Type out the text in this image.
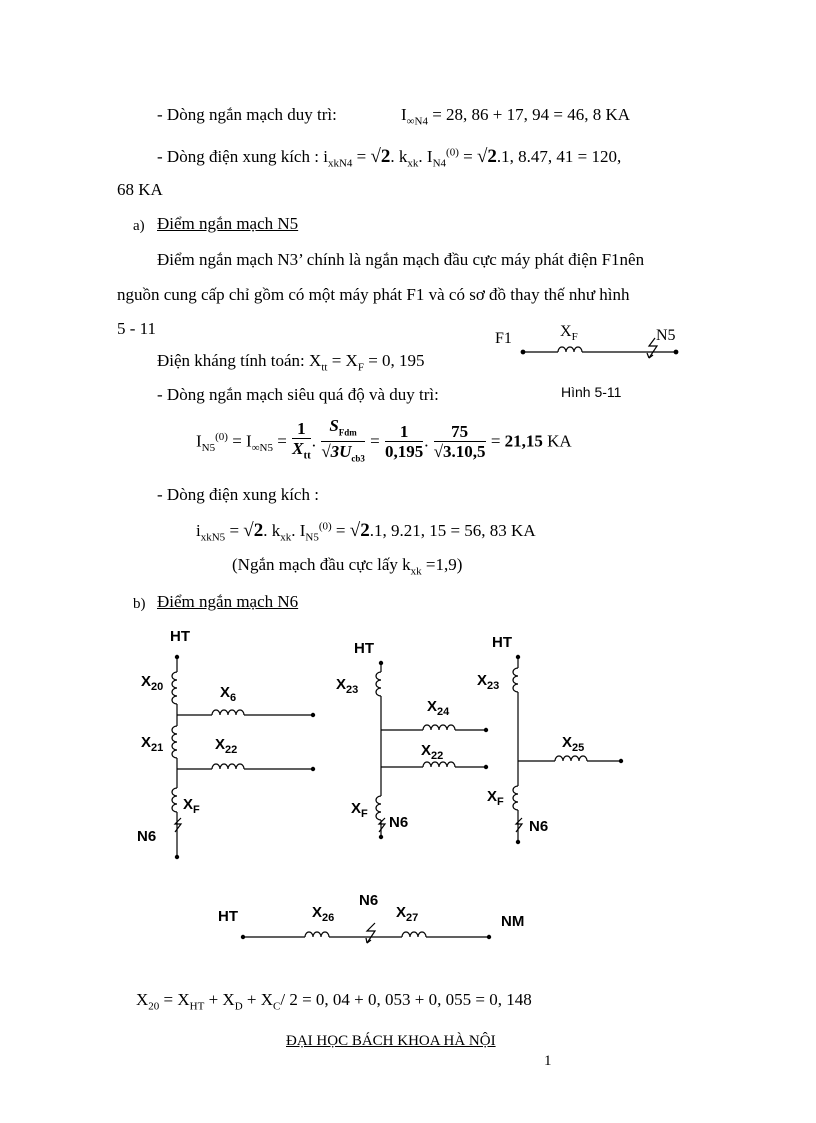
- Dòng ngắn mạch duy trì:	$I_{\infty N4} = 28$, 86 + 17, 94 = 46, 8 KA
- Dòng điện xung kích : $i_{xkN4} = √2$. $k_{xk}$. $I_{N4}^{(0)} = √2.1$, 8.47, 41 = 120,
68 KA
a) Điểm ngắn mạch N5
Điểm ngắn mạch N3’ chính là ngắn mạch đầu cực máy phát điện F1nên
nguồn cung cấp chỉ gồm có một máy phát F1 và có sơ đồ thay thế như hình
5 - 11
Điện kháng tính toán: $X_{tt} = X_F = 0$, 195
F1	$X_F$	N5
Hình 5-11
- Dòng ngắn mạch siêu quá độ và duy trì:
$I_{N5}^{(0)} = I_{\infty N5} = \frac{1}{X_{tt}}$ . $\frac{S_{Fdm}}{√3U_{cb3}} = \frac{1}{0,195}$ . $\frac{75}{√3.10,5} = 21,15$ KA
- Dòng điện xung kích :
$i_{xkN5} = √2$. $k_{xk}$. $I_{N5}^{(0)} = √2.1$, 9.21, 15 = 56, 83 KA
(Ngắn mạch đầu cực lấy $k_{xk} =1,9$)
b) Điểm ngắn mạch N6
HT
$X_{20}$	$X_6$
$X_{21}$	$X_{22}$
$X_F$
N6
HT
$X_{23}$
$X_{24}$
$X_{22}$
$X_F$ N6
HT
$X_{23}$
$X_{25}$
$X_F$
N6
HT	$X_{26}$
N6
$X_{27}$	NM
$X_{20} = X_{HT} + X_D + X_C/$ 2 = 0, 04 + 0, 053 + 0, 055 = 0, 148
ĐẠI HỌC BÁCH KHOA HÀ NỘI
1
